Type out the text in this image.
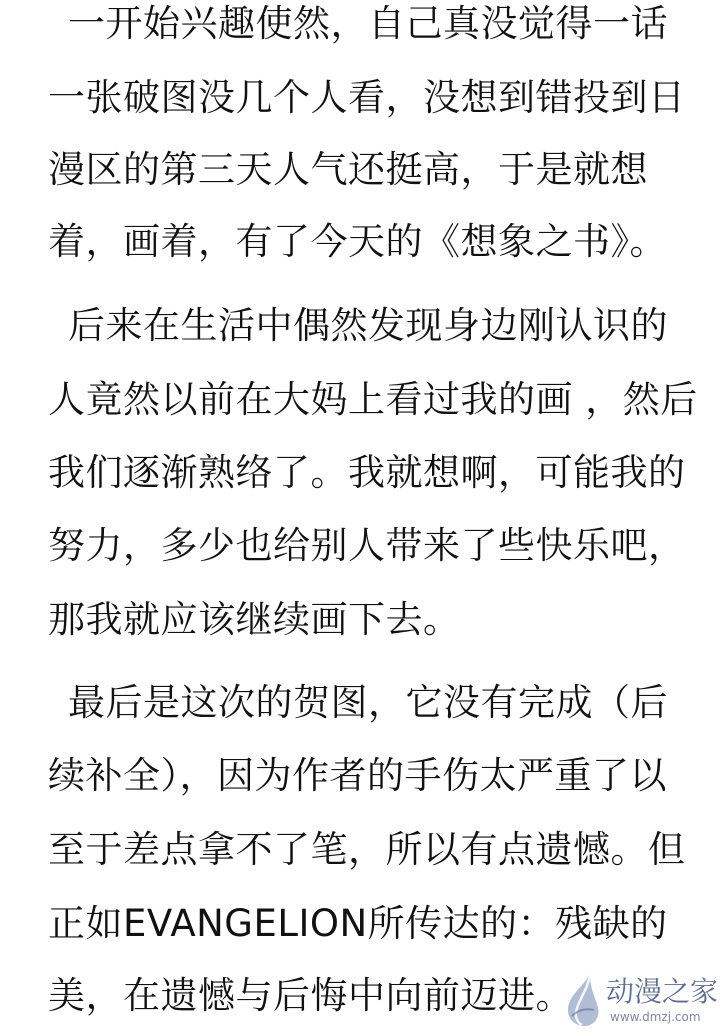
一开始兴趣使然，自己真没觉得一话
一张破图没几个人看，没想到错投到日
漫区的第三天人气还挺高，于是就想
着，画着，有了今天的《想象之书》。
后来在生活中偶然发现身边刚认识的
人竟然以前在大妈上看过我的画 ，然后
我们逐渐熟络了。我就想啊，可能我的
努力，多少也给别人带来了些快乐吧，
那我就应该继续画下去。
最后是这次的贺图，它没有完成（后
续补全），因为作者的手伤太严重了以
至于差点拿不了笔，所以有点遗憾。但
正如EVANGELION所传达的：残缺的
美，在遗憾与后悔中向前迈进。 动漫之家
www.dmzj.com
